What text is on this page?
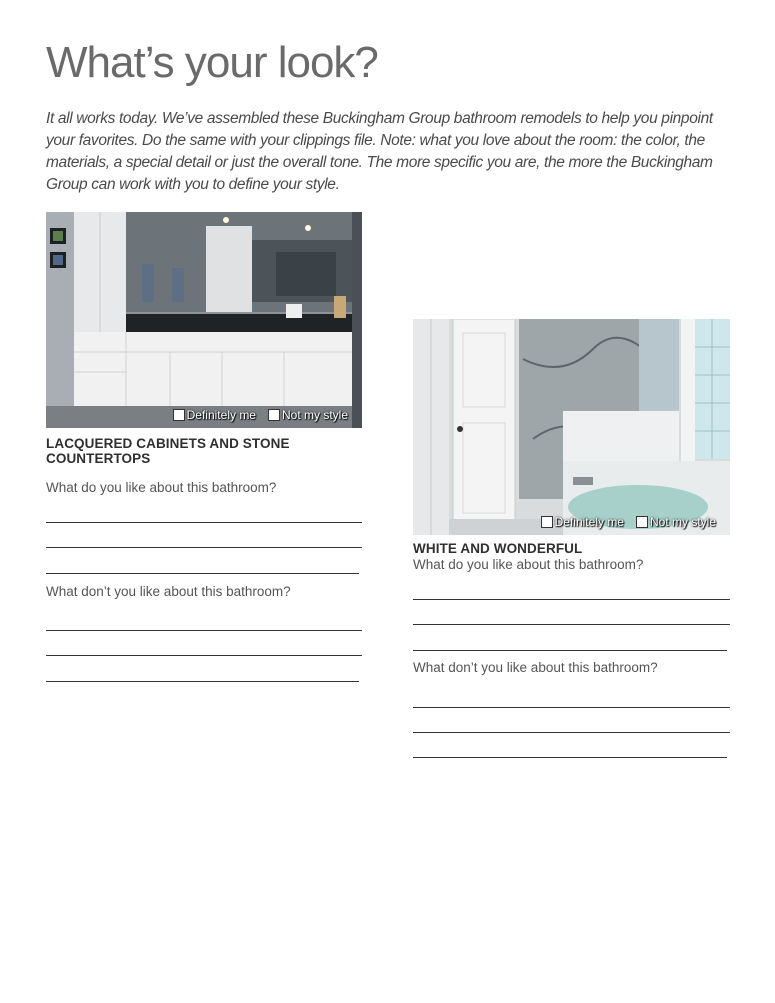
What’s your look?

It all works today. We’ve assembled these Buckingham Group bathroom remodels to help you pinpoint your favorites. Do the same with your clippings file. Note: what you love about the room: the color, the materials, a special detail or just the overall tone. The more specific you are, the more the Buckingham Group can work with you to define your style.

Definitely me Not my style
LACQUERED CABINETS AND STONE COUNTERTOPS

What do you like about this bathroom?

What don’t you like about this bathroom?

Definitely me Not my style
WHITE AND WONDERFUL

What do you like about this bathroom?

What don’t you like about this bathroom?
